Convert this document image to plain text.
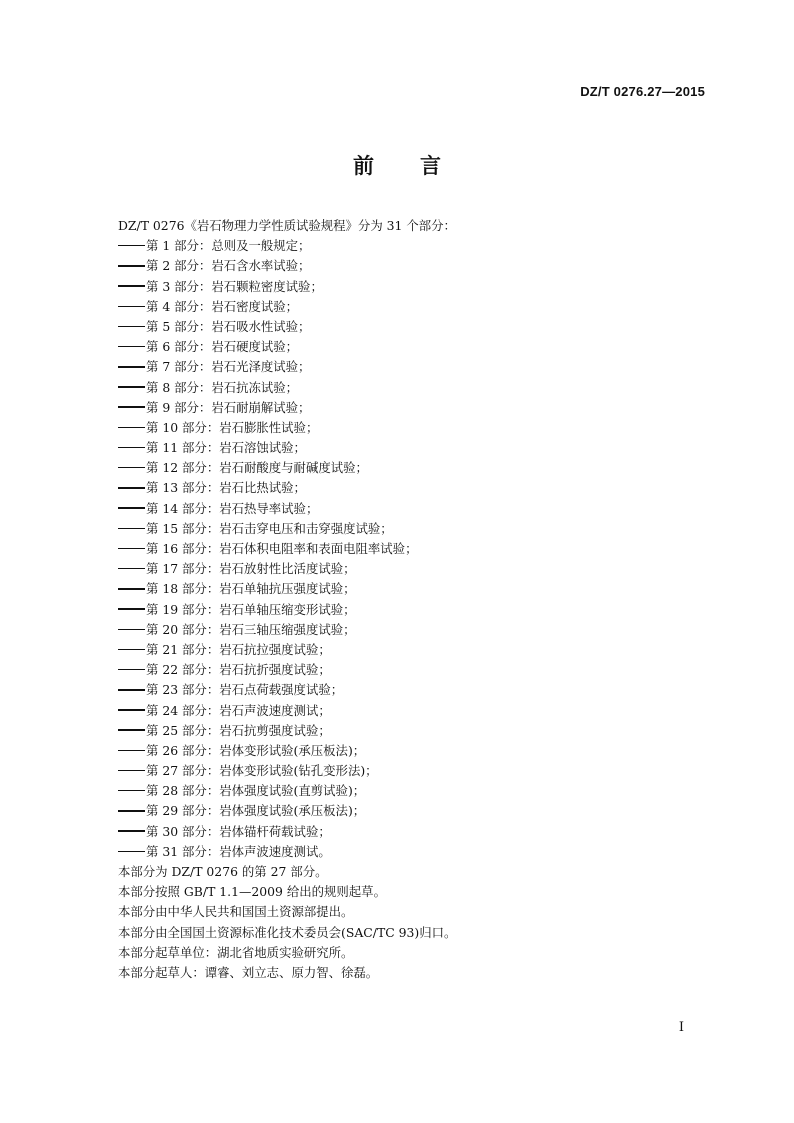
DZ/T 0276.27—2015
前 言
DZ/T 0276《岩石物理力学性质试验规程》分为 31 个部分：
第 1 部分：总则及一般规定；
第 2 部分：岩石含水率试验；
第 3 部分：岩石颗粒密度试验；
第 4 部分：岩石密度试验；
第 5 部分：岩石吸水性试验；
第 6 部分：岩石硬度试验；
第 7 部分：岩石光泽度试验；
第 8 部分：岩石抗冻试验；
第 9 部分：岩石耐崩解试验；
第 10 部分：岩石膨胀性试验；
第 11 部分：岩石溶蚀试验；
第 12 部分：岩石耐酸度与耐碱度试验；
第 13 部分：岩石比热试验；
第 14 部分：岩石热导率试验；
第 15 部分：岩石击穿电压和击穿强度试验；
第 16 部分：岩石体积电阻率和表面电阻率试验；
第 17 部分：岩石放射性比活度试验；
第 18 部分：岩石单轴抗压强度试验；
第 19 部分：岩石单轴压缩变形试验；
第 20 部分：岩石三轴压缩强度试验；
第 21 部分：岩石抗拉强度试验；
第 22 部分：岩石抗折强度试验；
第 23 部分：岩石点荷载强度试验；
第 24 部分：岩石声波速度测试；
第 25 部分：岩石抗剪强度试验；
第 26 部分：岩体变形试验(承压板法)；
第 27 部分：岩体变形试验(钻孔变形法)；
第 28 部分：岩体强度试验(直剪试验)；
第 29 部分：岩体强度试验(承压板法)；
第 30 部分：岩体锚杆荷载试验；
第 31 部分：岩体声波速度测试。
本部分为 DZ/T 0276 的第 27 部分。
本部分按照 GB/T 1.1—2009 给出的规则起草。
本部分由中华人民共和国国土资源部提出。
本部分由全国国土资源标准化技术委员会(SAC/TC 93)归口。
本部分起草单位：湖北省地质实验研究所。
本部分起草人：谭睿、刘立志、原力智、徐磊。
I
